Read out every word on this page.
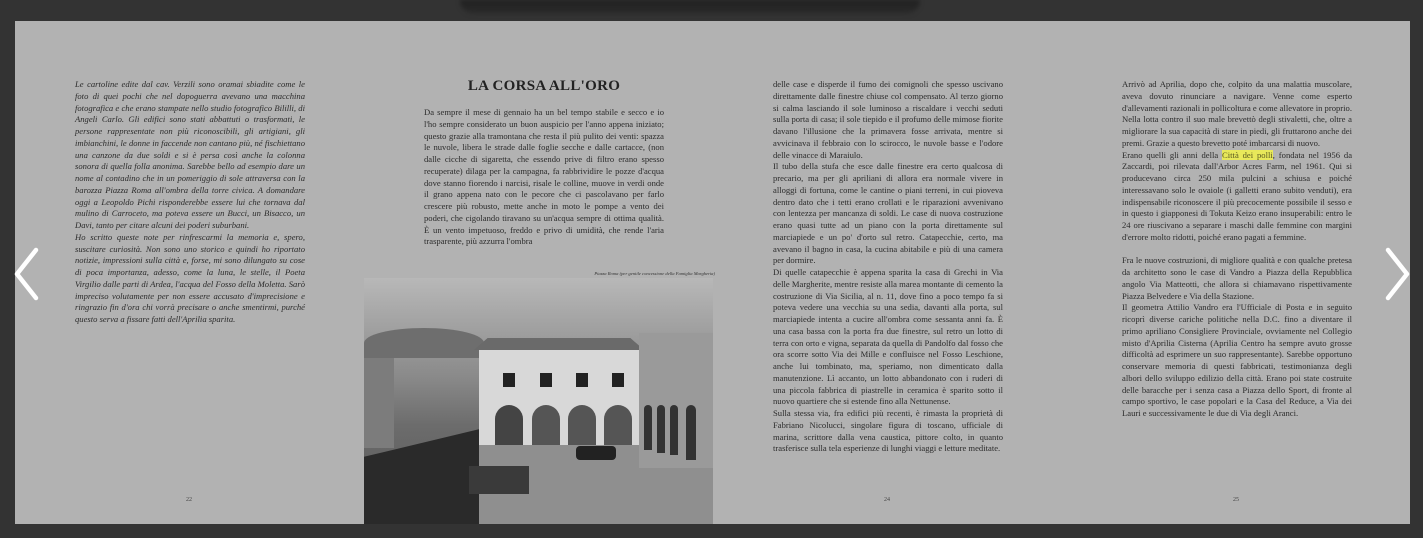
Le cartoline edite dal cav. Verzili sono oramai sbiadite come le foto di quei pochi che nel dopoguerra avevano una macchina fotografica e che erano stampate nello studio fotografico Bililli, di Angeli Carlo. Gli edifici sono stati abbattuti o trasformati, le persone rappresentate non più riconoscibili, gli artigiani, gli imbianchini, le donne in faccende non cantano più, né fischiettano una canzone da due soldi e si è persa così anche la colonna sonora di quella folla anonima. Sarebbe bello ad esempio dare un nome al contadino che in un pomeriggio di sole attraversa con la barozza Piazza Roma all'ombra della torre civica. A domandare oggi a Leopoldo Pichi risponderebbe essere lui che tornava dal mulino di Carroceto, ma poteva essere un Bucci, un Bisacco, un Davi, tanto per citare alcuni dei poderi suburbani.

Ho scritto queste note per rinfrescarmi la memoria e, spero, suscitare curiosità. Non sono uno storico e quindi ho riportato notizie, impressioni sulla città e, forse, mi sono dilungato su cose di poca importanza, adesso, come la luna, le stelle, il Poeta Virgilio dalle parti di Ardea, l'acqua del Fosso della Moletta. Sarò impreciso volutamente per non essere accusato d'imprecisione e ringrazio fin d'ora chi vorrà precisare o anche smentirmi, purché questo serva a fissare fatti dell'Aprilia sparita.

22
LA CORSA ALL'ORO

Da sempre il mese di gennaio ha un bel tempo stabile e secco e io l'ho sempre considerato un buon auspicio per l'anno appena iniziato; questo grazie alla tramontana che resta il più pulito dei venti: spazza le nuvole, libera le strade dalle foglie secche e dalle cartacce, (non dalle cicche di sigaretta, che essendo prive di filtro erano spesso recuperate) dilaga per la campagna, fa rabbrividire le pozze d'acqua dove stanno fiorendo i narcisi, risale le colline, muove in verdi onde il grano appena nato con le pecore che ci pascolavano per farlo crescere più robusto, mette anche in moto le pompe a vento dei poderi, che cigolando tiravano su un'acqua sempre di ottima qualità. È un vento impetuoso, freddo e privo di umidità, che rende l'aria trasparente, più azzurra l'ombra

Piazza Roma (per gentile concessione della Famiglia Margheria)

delle case e disperde il fumo dei comignoli che spesso uscivano direttamente dalle finestre chiuse col compensato. Al terzo giorno si calma lasciando il sole luminoso a riscaldare i vecchi seduti sulla porta di casa; il sole tiepido e il profumo delle mimose fiorite davano l'illusione che la primavera fosse arrivata, mentre si avvicinava il febbraio con lo scirocco, le nuvole basse e l'odore delle vinacce di Maraiulo.

Il tubo della stufa che esce dalle finestre era certo qualcosa di precario, ma per gli apriliani di allora era normale vivere in alloggi di fortuna, come le cantine o piani terreni, in cui pioveva dentro dato che i tetti erano crollati e le riparazioni avvenivano con lentezza per mancanza di soldi. Le case di nuova costruzione erano quasi tutte ad un piano con la porta direttamente sul marciapiede e un po' d'orto sul retro. Catapecchie, certo, ma avevano il bagno in casa, la cucina abitabile e più di una camera per dormire.

Di quelle catapecchie è appena sparita la casa di Grechi in Via delle Margherite, mentre resiste alla marea montante di cemento la costruzione di Via Sicilia, al n. 11, dove fino a poco tempo fa si poteva vedere una vecchia su una sedia, davanti alla porta, sul marciapiede intenta a cucire all'ombra come sessanta anni fa. È una casa bassa con la porta fra due finestre, sul retro un lotto di terra con orto e vigna, separata da quella di Pandolfo dal fosso che ora scorre sotto Via dei Mille e confluisce nel Fosso Leschione, anche lui tombinato, ma, speriamo, non dimenticato dalla manutenzione. Lì accanto, un lotto abbandonato con i ruderi di una piccola fabbrica di piastrelle in ceramica è sparito sotto il nuovo quartiere che si estende fino alla Nettunense.

Sulla stessa via, fra edifici più recenti, è rimasta la proprietà di Fabriano Nicolucci, singolare figura di toscano, ufficiale di marina, scrittore dalla vena caustica, pittore colto, in quanto trasferisce sulla tela esperienze di lunghi viaggi e letture meditate.

24

Arrivò ad Aprilia, dopo che, colpito da una malattia muscolare, aveva dovuto rinunciare a navigare. Venne come esperto d'allevamenti razionali in pollicoltura e come allevatore in proprio. Nella lotta contro il suo male brevettò degli stivaletti, che, oltre a migliorare la sua capacità di stare in piedi, gli fruttarono anche dei premi. Grazie a questo brevetto poté imbarcarsi di nuovo.

Erano quelli gli anni della Città dei polli, fondata nel 1956 da Zaccardi, poi rilevata dall'Arbor Acres Farm, nel 1961. Qui si producevano circa 250 mila pulcini a schiusa e poiché interessavano solo le ovaiole (i galletti erano subito venduti), era indispensabile riconoscere il più precocemente possibile il sesso e in questo i giapponesi di Tokuta Keizo erano insuperabili: entro le 24 ore riuscivano a separare i maschi dalle femmine con margini d'errore molto ridotti, poiché erano pagati a femmine.

Fra le nuove costruzioni, di migliore qualità e con qualche pretesa da architetto sono le case di Vandro a Piazza della Repubblica angolo Via Matteotti, che allora si chiamavano rispettivamente Piazza Belvedere e Via della Stazione.

Il geometra Attilio Vandro era l'Ufficiale di Posta e in seguito ricoprì diverse cariche politiche nella D.C. fino a diventare il primo apriliano Consigliere Provinciale, ovviamente nel Collegio misto d'Aprilia Cisterna (Aprilia Centro ha sempre avuto grosse difficoltà ad esprimere un suo rappresentante). Sarebbe opportuno conservare memoria di questi fabbricati, testimonianza degli albori dello sviluppo edilizio della città. Erano poi state costruite delle baracche per i senza casa a Piazza dello Sport, di fronte al campo sportivo, le case popolari e la Casa del Reduce, a Via dei Lauri e successivamente le due di Via degli Aranci.

25
